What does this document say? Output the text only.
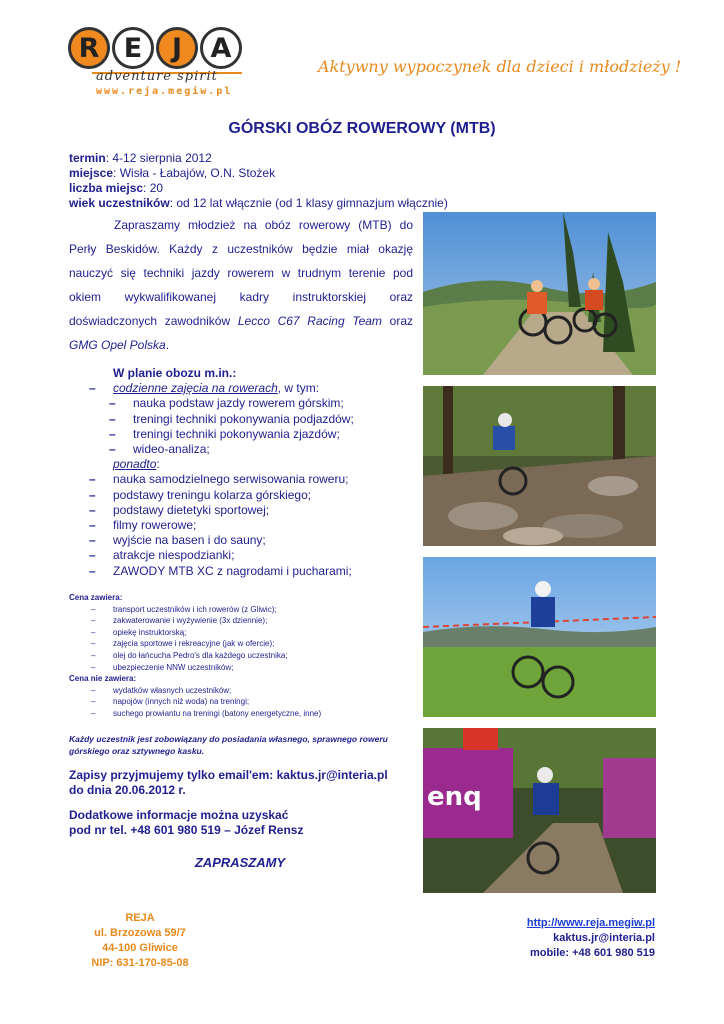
R E	J	A
adventure spirit
www.reja.megiw.pl
Aktywny wypoczynek dla dzieci i młodzieży !
GÓRSKI OBÓZ ROWEROWY (MTB)
termin: 4-12 sierpnia 2012
miejsce: Wisła - Łabajów, O.N. Stożek
liczba miejsc: 20
wiek uczestników: od 12 lat włącznie (od 1 klasy gimnazjum włącznie)
Zapraszamy młodzież na obóz rowerowy (MTB) do Perły Beskidów. Każdy z uczestników będzie miał okazję nauczyć się techniki jazdy rowerem w trudnym terenie pod okiem wykwalifikowanej kadry instruktorskiej oraz doświadczonych zawodników Lecco C67 Racing Team oraz GMG Opel Polska.
W planie obozu m.in.:
– codzienne zajęcia na rowerach, w tym:
– nauka podstaw jazdy rowerem górskim;
– treningi techniki pokonywania podjazdów;
– treningi techniki pokonywania zjazdów;
– wideo-analiza;
ponadto:
– nauka samodzielnego serwisowania roweru;
– podstawy treningu kolarza górskiego;
– podstawy dietetyki sportowej;
– filmy rowerowe;
– wyjście na basen i do sauny;
– atrakcje niespodzianki;
– ZAWODY MTB XC z nagrodami i pucharami;
Cena zawiera:
– transport uczestników i ich rowerów (z Gliwic);
– zakwaterowanie i wyżywienie (3x dziennie);
– opiekę instruktorską;
– zajęcia sportowe i rekreacyjne (jak w ofercie);
– olej do łańcucha Pedro's dla każdego uczestnika;
– ubezpieczenie NNW uczestników;
Cena nie zawiera:
– wydatków własnych uczestników;
– napojów (innych niż woda) na treningi;
– suchego prowiantu na treningi (batony energetyczne, inne)
Każdy uczestnik jest zobowiązany do posiadania własnego, sprawnego roweru górskiego oraz sztywnego kasku.
Zapisy przyjmujemy tylko email'em: kaktus.jr@interia.pl
do dnia 20.06.2012 r.
Dodatkowe informacje można uzyskać
pod nr tel. +48 601 980 519 – Józef Rensz
ZAPRASZAMY
REJA
ul. Brzozowa 59/7
44-100 Gliwice
NIP: 631-170-85-08
http://www.reja.megiw.pl
kaktus.jr@interia.pl
mobile: +48 601 980 519
enq
